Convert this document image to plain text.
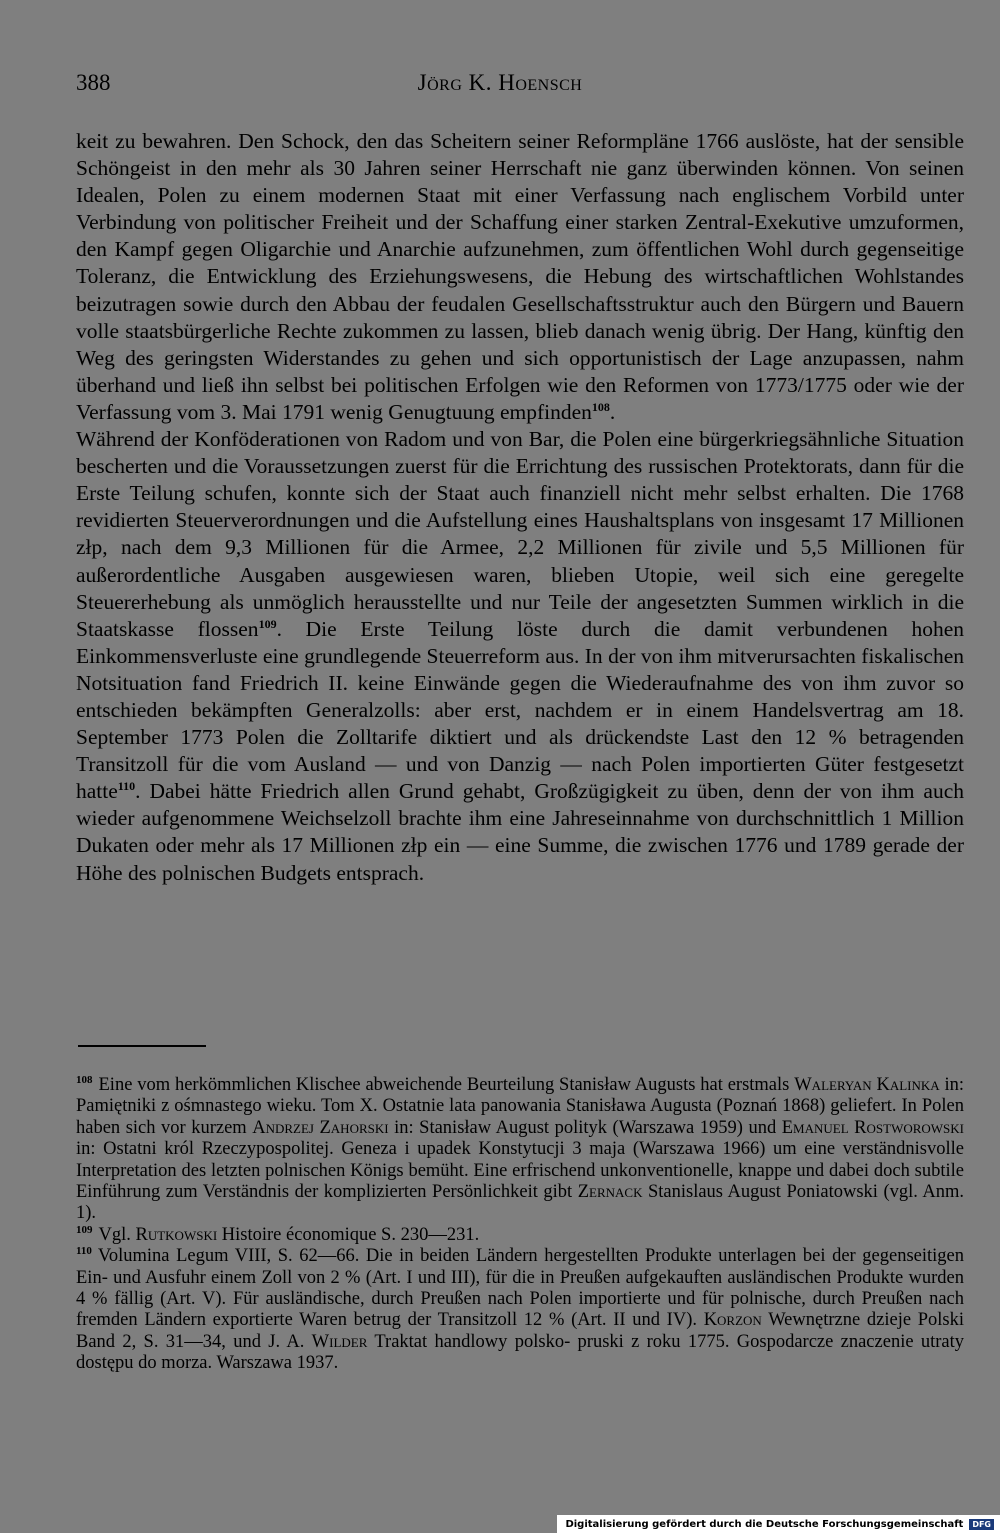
388	Jörg K. Hoensch

keit zu bewahren. Den Schock, den das Scheitern seiner Reformpläne 1766 auslöste, hat der sensible Schöngeist in den mehr als 30 Jahren seiner Herrschaft nie ganz überwinden können. Von seinen Idealen, Polen zu einem modernen Staat mit einer Verfassung nach englischem Vorbild unter Verbindung von politischer Freiheit und der Schaffung einer starken Zentral-Exekutive umzuformen, den Kampf gegen Oligarchie und Anarchie aufzunehmen, zum öffentlichen Wohl durch gegenseitige Toleranz, die Entwicklung des Erziehungswesens, die Hebung des wirtschaftlichen Wohlstandes beizutragen sowie durch den Abbau der feudalen Gesellschaftsstruktur auch den Bürgern und Bauern volle staatsbürgerliche Rechte zukommen zu lassen, blieb danach wenig übrig. Der Hang, künftig den Weg des geringsten Widerstandes zu gehen und sich opportunistisch der Lage anzupassen, nahm überhand und ließ ihn selbst bei politischen Erfolgen wie den Reformen von 1773/1775 oder wie der Verfassung vom 3. Mai 1791 wenig Genugtuung empfinden$^{108}$.

Während der Konföderationen von Radom und von Bar, die Polen eine bürgerkriegsähnliche Situation bescherten und die Voraussetzungen zuerst für die Errichtung des russischen Protektorats, dann für die Erste Teilung schufen, konnte sich der Staat auch finanziell nicht mehr selbst erhalten. Die 1768 revidierten Steuerverordnungen und die Aufstellung eines Haushaltsplans von insgesamt 17 Millionen złp, nach dem 9,3 Millionen für die Armee, 2,2 Millionen für zivile und 5,5 Millionen für außerordentliche Ausgaben ausgewiesen waren, blieben Utopie, weil sich eine geregelte Steuererhebung als unmöglich herausstellte und nur Teile der angesetzten Summen wirklich in die Staatskasse flossen$^{109}$. Die Erste Teilung löste durch die damit verbundenen hohen Einkommensverluste eine grundlegende Steuerreform aus. In der von ihm mitverursachten fiskalischen Notsituation fand Friedrich II. keine Einwände gegen die Wiederaufnahme des von ihm zuvor so entschieden bekämpften Generalzolls: aber erst, nachdem er in einem Handelsvertrag am 18. September 1773 Polen die Zolltarife diktiert und als drückendste Last den 12 % betragenden Transitzoll für die vom Ausland — und von Danzig — nach Polen importierten Güter festgesetzt hatte$^{110}$. Dabei hätte Friedrich allen Grund gehabt, Großzügigkeit zu üben, denn der von ihm auch wieder aufgenommene Weichselzoll brachte ihm eine Jahreseinnahme von durchschnittlich 1 Million Dukaten oder mehr als 17 Millionen złp ein — eine Summe, die zwischen 1776 und 1789 gerade der Höhe des polnischen Budgets entsprach.

$^{108}$ Eine vom herkömmlichen Klischee abweichende Beurteilung Stanisław Augusts hat erstmals Waleryan Kalinka in: Pamiętniki z ośmnastego wieku. Tom X. Ostatnie lata panowania Stanisława Augusta (Poznań 1868) geliefert. In Polen haben sich vor kurzem Andrzej Zahorski in: Stanisław August polityk (Warszawa 1959) und Emanuel Rostworowski in: Ostatni król Rzeczypospolitej. Geneza i upadek Konstytucji 3 maja (Warszawa 1966) um eine verständnisvolle Interpretation des letzten polnischen Königs bemüht. Eine erfrischend unkonventionelle, knappe und dabei doch subtile Einführung zum Verständnis der komplizierten Persönlichkeit gibt Zernack Stanislaus August Poniatowski (vgl. Anm. 1).

$^{109}$ Vgl. Rutkowski Histoire économique S. 230—231.

$^{110}$ Volumina Legum VIII, S. 62—66. Die in beiden Ländern hergestellten Produkte unterlagen bei der gegenseitigen Ein- und Ausfuhr einem Zoll von 2 % (Art. I und III), für die in Preußen aufgekauften ausländischen Produkte wurden 4 % fällig (Art. V). Für ausländische, durch Preußen nach Polen importierte und für polnische, durch Preußen nach fremden Ländern exportierte Waren betrug der Transitzoll 12 % (Art. II und IV). Korzon Wewnętrzne dzieje Polski Band 2, S. 31—34, und J. A. Wilder Traktat handlowy polsko- pruski z roku 1775. Gospodarcze znaczenie utraty dostępu do morza. Warszawa 1937.

Digitalisierung gefördert durch die Deutsche Forschungsgemeinschaft	DFG
